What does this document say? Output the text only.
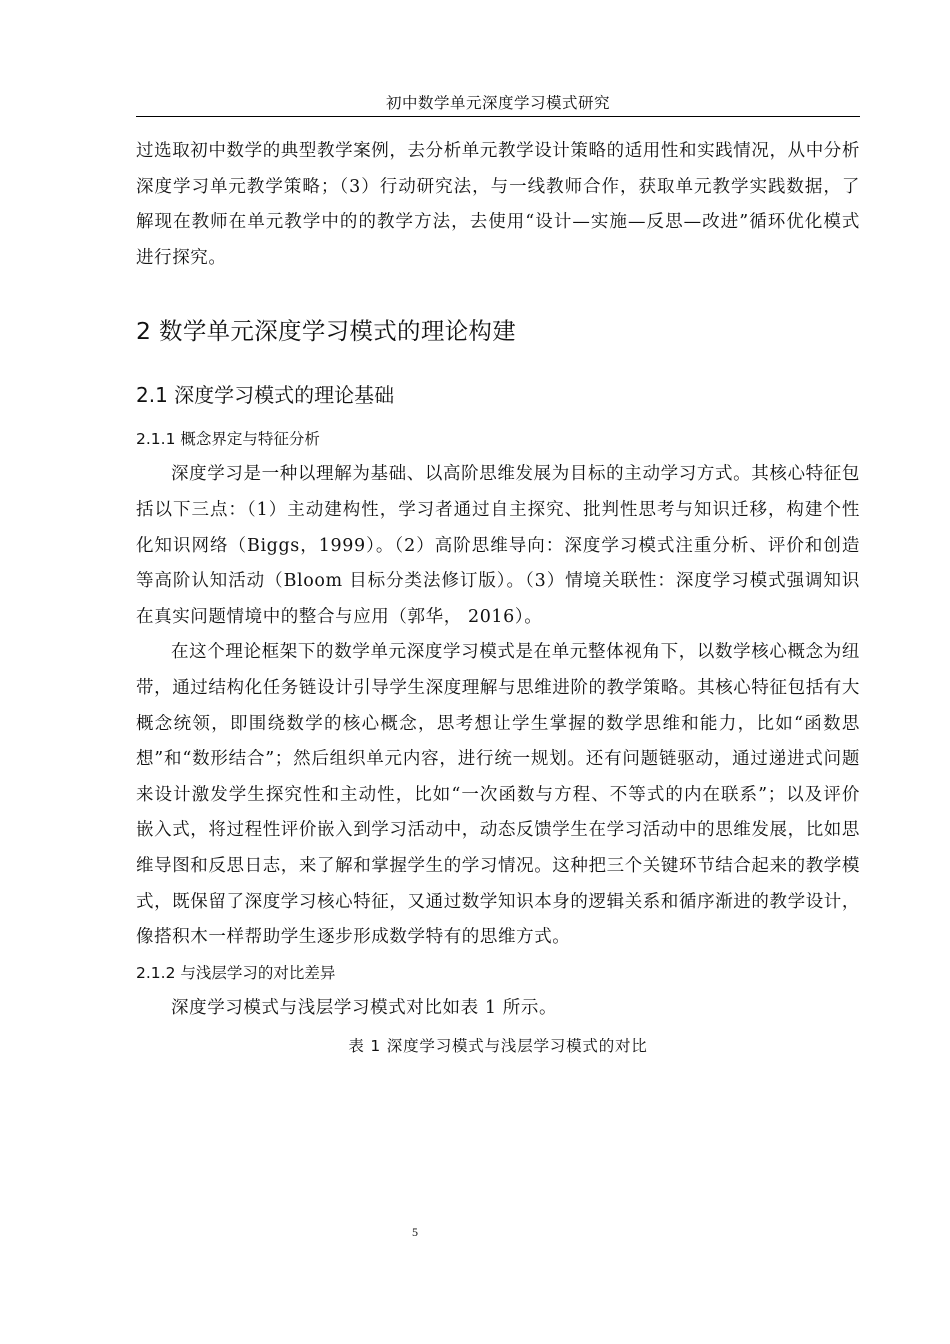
初中数学单元深度学习模式研究

过选取初中数学的典型教学案例，去分析单元教学设计策略的适用性和实践情况，从中分析深度学习单元教学策略；（3）行动研究法，与一线教师合作，获取单元教学实践数据，了解现在教师在单元教学中的的教学方法，去使用“设计—实施—反思—改进”循环优化模式进行探究。

2 数学单元深度学习模式的理论构建
2.1 深度学习模式的理论基础
2.1.1 概念界定与特征分析

深度学习是一种以理解为基础、以高阶思维发展为目标的主动学习方式。其核心特征包括以下三点：（1）主动建构性，学习者通过自主探究、批判性思考与知识迁移，构建个性化知识网络（Biggs，1999）。（2）高阶思维导向：深度学习模式注重分析、评价和创造等高阶认知活动（Bloom 目标分类法修订版）。（3）情境关联性：深度学习模式强调知识在真实问题情境中的整合与应用（郭华， 2016）。

在这个理论框架下的数学单元深度学习模式是在单元整体视角下，以数学核心概念为纽带，通过结构化任务链设计引导学生深度理解与思维进阶的教学策略。其核心特征包括有大概念统领，即围绕数学的核心概念，思考想让学生掌握的数学思维和能力，比如“函数思想”和“数形结合”；然后组织单元内容，进行统一规划。还有问题链驱动，通过递进式问题来设计激发学生探究性和主动性，比如“一次函数与方程、不等式的内在联系”；以及评价嵌入式，将过程性评价嵌入到学习活动中，动态反馈学生在学习活动中的思维发展，比如思维导图和反思日志，来了解和掌握学生的学习情况。这种把三个关键环节结合起来的教学模式，既保留了深度学习核心特征，又通过数学知识本身的逻辑关系和循序渐进的教学设计，像搭积木一样帮助学生逐步形成数学特有的思维方式。

2.1.2 与浅层学习的对比差异

深度学习模式与浅层学习模式对比如表 1 所示。

表 1 深度学习模式与浅层学习模式的对比

5
